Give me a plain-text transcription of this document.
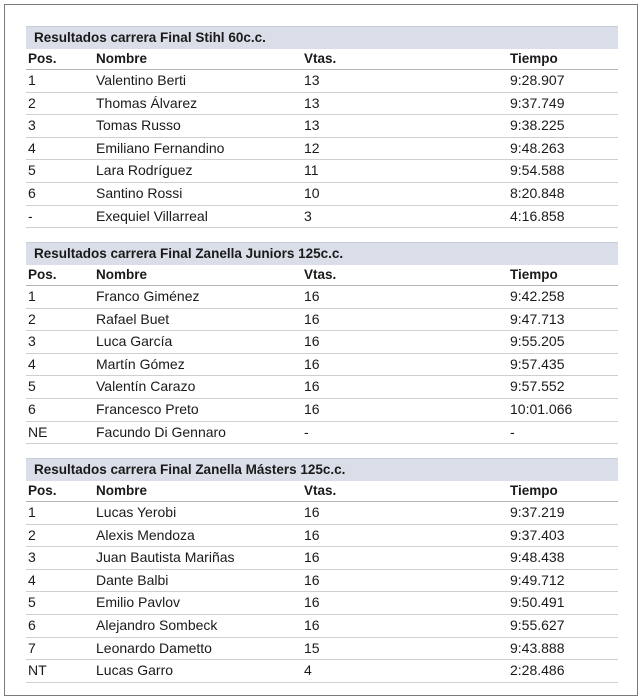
Resultados carrera Final Stihl 60c.c.
Pos.	Nombre	Vtas.	Tiempo
1	Valentino Berti	13	9:28.907
2	Thomas Álvarez	13	9:37.749
3	Tomas Russo	13	9:38.225
4	Emiliano Fernandino	12	9:48.263
5	Lara Rodríguez	11	9:54.588
6	Santino Rossi	10	8:20.848
-	Exequiel Villarreal	3	4:16.858
Resultados carrera Final Zanella Juniors 125c.c.
Pos.	Nombre	Vtas.	Tiempo
1	Franco Giménez	16	9:42.258
2	Rafael Buet	16	9:47.713
3	Luca García	16	9:55.205
4	Martín Gómez	16	9:57.435
5	Valentín Carazo	16	9:57.552
6	Francesco Preto	16	10:01.066
NE	Facundo Di Gennaro	-	-
Resultados carrera Final Zanella Másters 125c.c.
Pos.	Nombre	Vtas.	Tiempo
1	Lucas Yerobi	16	9:37.219
2	Alexis Mendoza	16	9:37.403
3	Juan Bautista Mariñas	16	9:48.438
4	Dante Balbi	16	9:49.712
5	Emilio Pavlov	16	9:50.491
6	Alejandro Sombeck	16	9:55.627
7	Leonardo Dametto	15	9:43.888
NT	Lucas Garro	4	2:28.486
